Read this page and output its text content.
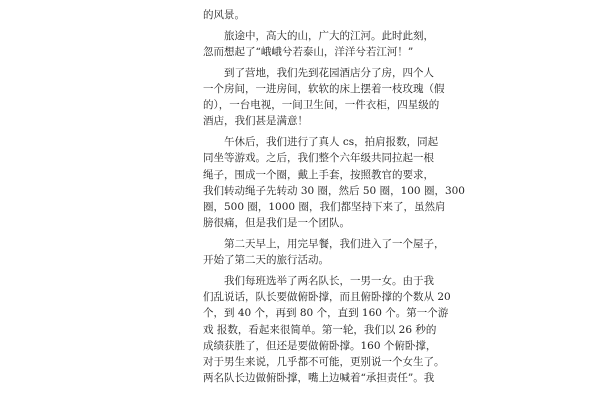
的风景。

旅途中，高大的山，广大的江河。此时此刻，
忽而想起了“峨峨兮若泰山，洋洋兮若江河！”

到了营地，我们先到花园酒店分了房，四个人
一个房间，一进房间，软软的床上摆着一枝玫瑰（假
的），一台电视，一间卫生间，一件衣柜，四星级的
酒店，我们甚是满意！

午休后，我们进行了真人 cs，拍肩报数，同起
同坐等游戏。之后，我们整个六年级共同拉起一根
绳子，围成一个圈，戴上手套，按照教官的要求，
我们转动绳子先转动 30 圈，然后 50 圈，100 圈，300
圈，500 圈，1000 圈，我们都坚持下来了，虽然肩
膀很痛，但是我们是一个团队。

第二天早上，用完早餐，我们进入了一个屋子，
开始了第二天的旅行活动。

我们每班选举了两名队长，一男一女。由于我
们乱说话，队长要做俯卧撑，而且俯卧撑的个数从 20
个，到 40 个，再到 80 个，直到 160 个。第一个游
戏 报数，看起来很简单。第一轮，我们以 26 秒的
成绩获胜了，但还是要做俯卧撑。160 个俯卧撑，
对于男生来说，几乎都不可能，更别说一个女生了。
两名队长边做俯卧撑，嘴上边喊着“承担责任”。我
